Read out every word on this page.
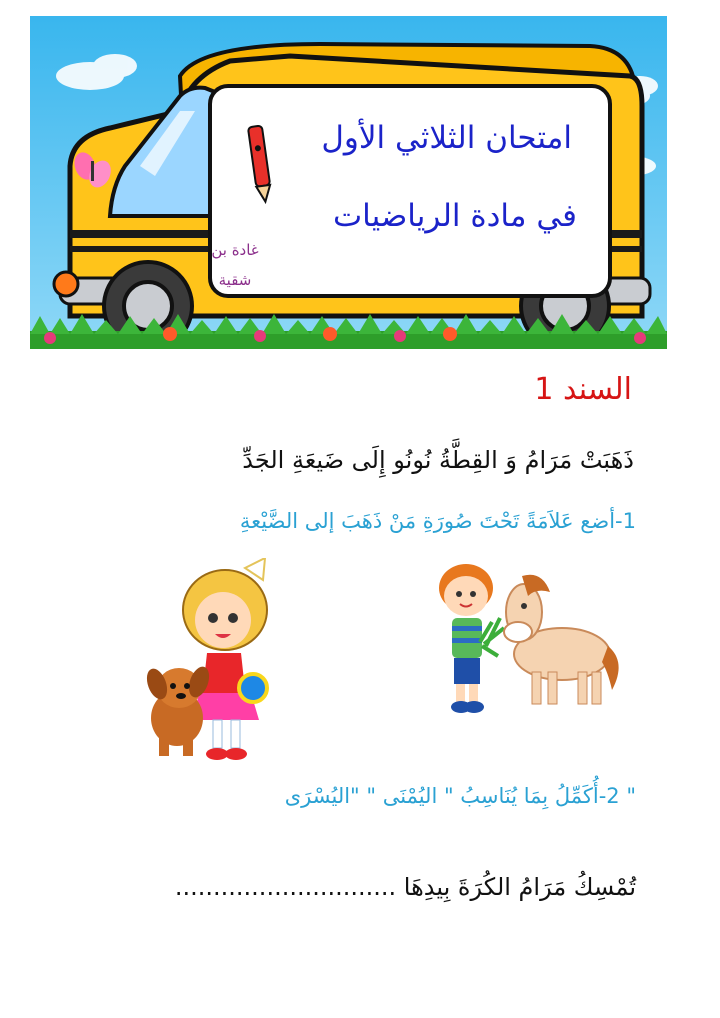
امتحان الثلاثي الأول
في مادة الرياضيات
غادة بن
شقية
السند 1
ذَهَبَتْ مَرَامُ وَ القِطَّةُ نُونُو إِلَى ضَيعَةِ الجَدِّ
1-أضع عَلاَمَةً تَحْتَ صُورَةِ مَنْ ذَهَبَ إلى الضَّيْعةِ
" 2-أُكَمِّلُ بِمَا يُنَاسِبُ " اليُمْنَى " "اليُسْرَى
تُمْسِكُ مَرَامُ الكُرَةَ بِيدِهَا .............................
